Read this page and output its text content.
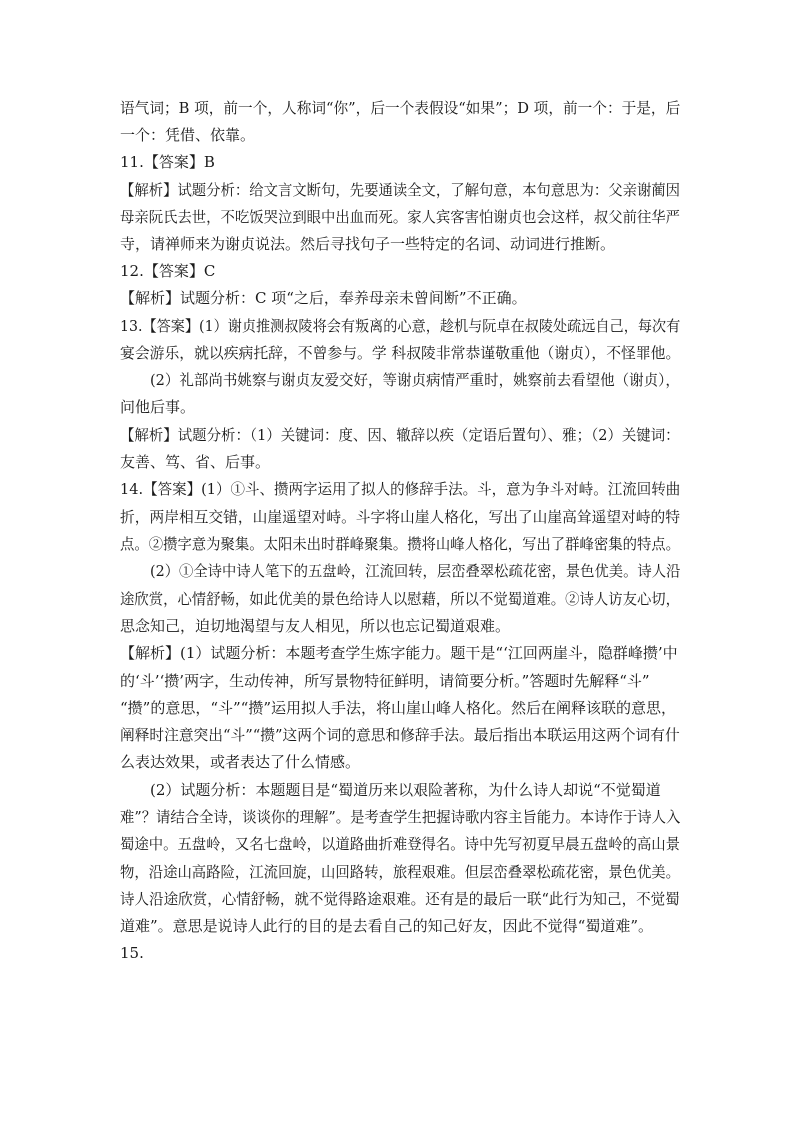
语气词；B 项，前一个，人称词“你”，后一个表假设“如果”；D 项，前一个：于是，后
一个：凭借、依靠。
11.【答案】B
【解析】试题分析：给文言文断句，先要通读全文，了解句意，本句意思为：父亲谢蔺因
母亲阮氏去世，不吃饭哭泣到眼中出血而死。家人宾客害怕谢贞也会这样，叔父前往华严
寺，请禅师来为谢贞说法。然后寻找句子一些特定的名词、动词进行推断。
12.【答案】C
【解析】试题分析：C 项“之后，奉养母亲未曾间断”不正确。
13.【答案】(1）谢贞推测叔陵将会有叛离的心意，趁机与阮卓在叔陵处疏远自己，每次有
宴会游乐，就以疾病托辞，不曾参与。学 科叔陵非常恭谨敬重他（谢贞），不怪罪他。
(2）礼部尚书姚察与谢贞友爱交好，等谢贞病情严重时，姚察前去看望他（谢贞），
问他后事。
【解析】试题分析：（1）关键词：度、因、辙辞以疾（定语后置句）、雅；（2）关键词：
友善、笃、省、后事。
14.【答案】(1）①斗、攒两字运用了拟人的修辞手法。斗，意为争斗对峙。江流回转曲
折，两岸相互交错，山崖遥望对峙。斗字将山崖人格化，写出了山崖高耸遥望对峙的特
点。②攒字意为聚集。太阳未出时群峰聚集。攒将山峰人格化，写出了群峰密集的特点。
(2）①全诗中诗人笔下的五盘岭，江流回转，层峦叠翠松疏花密，景色优美。诗人沿
途欣赏，心情舒畅，如此优美的景色给诗人以慰藉，所以不觉蜀道难。②诗人访友心切，
思念知己，迫切地渴望与友人相见，所以也忘记蜀道艰难。
【解析】(1）试题分析：本题考查学生炼字能力。题干是“‘江回两崖斗，隐群峰攒’中
的‘斗’‘攒’两字，生动传神，所写景物特征鲜明，请简要分析。”答题时先解释“斗”
“攒”的意思，“斗”“攒”运用拟人手法，将山崖山峰人格化。然后在阐释该联的意思，
阐释时注意突出“斗”“攒”这两个词的意思和修辞手法。最后指出本联运用这两个词有什
么表达效果，或者表达了什么情感。
(2）试题分析：本题题目是“蜀道历来以艰险著称，为什么诗人却说“不觉蜀道
难”？请结合全诗，谈谈你的理解”。是考查学生把握诗歌内容主旨能力。本诗作于诗人入
蜀途中。五盘岭，又名七盘岭，以道路曲折难登得名。诗中先写初夏早晨五盘岭的高山景
物，沿途山高路险，江流回旋，山回路转，旅程艰难。但层峦叠翠松疏花密，景色优美。
诗人沿途欣赏，心情舒畅，就不觉得路途艰难。还有是的最后一联“此行为知己，不觉蜀
道难”。意思是说诗人此行的目的是去看自己的知己好友，因此不觉得“蜀道难”。
15.
